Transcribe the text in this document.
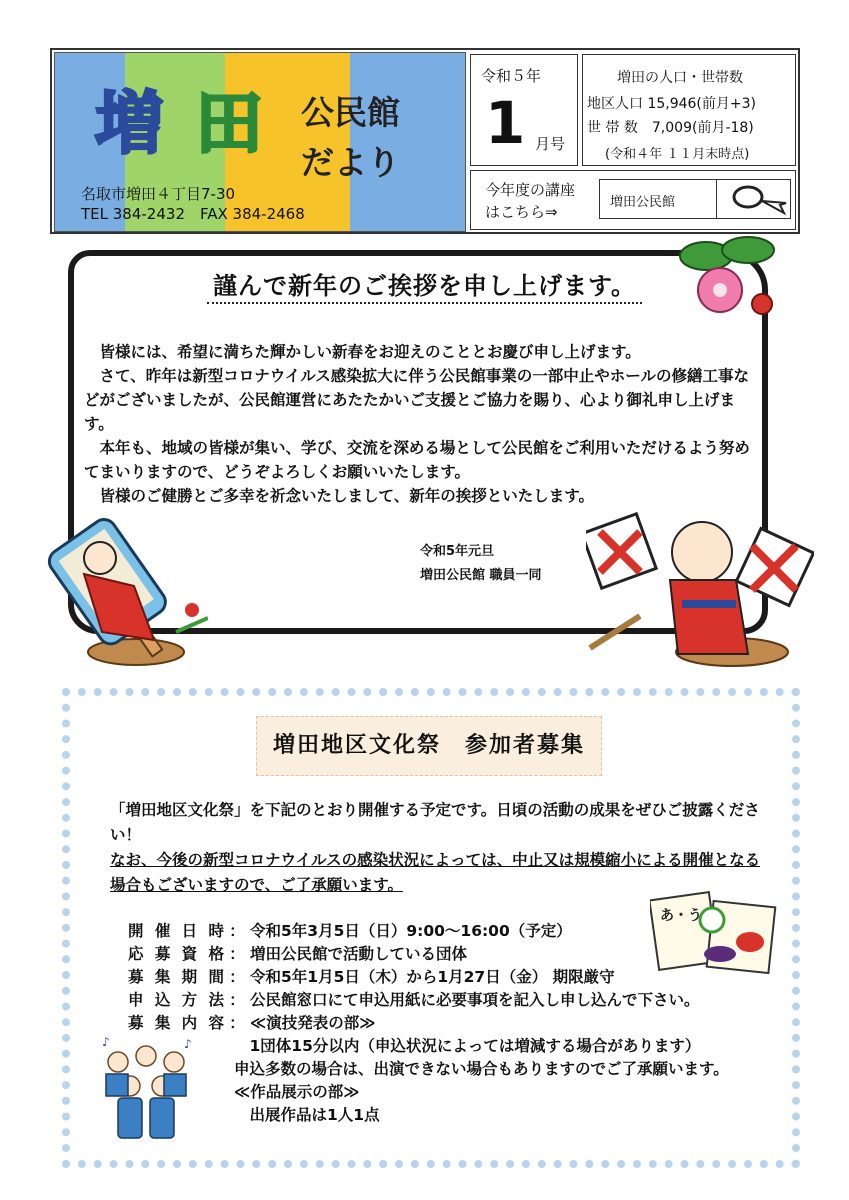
増 田 公民館
だより
名取市増田４丁目7-30
TEL 384-2432　FAX 384-2468
令和５年
1 月号
増田の人口・世帯数
地区人口 15,946(前月+3)
世 帯 数　7,009(前月-18)
(令和４年 １１月末時点)
今年度の講座
はこちら⇒
増田公民館
謹んで新年のご挨拶を申し上げます。

　皆様には、希望に満ちた輝かしい新春をお迎えのこととお慶び申し上げます。

　さて、昨年は新型コロナウイルス感染拡大に伴う公民館事業の一部中止やホールの修繕工事などがございましたが、公民館運営にあたたかいご支援とご協力を賜り、心より御礼申し上げます。

　本年も、地域の皆様が集い、学び、交流を深める場として公民館をご利用いただけるよう努めてまいりますので、どうぞよろしくお願いいたします。

　皆様のご健勝とご多幸を祈念いたしまして、新年の挨拶といたします。

令和5年元旦
増田公民館 職員一同
増田地区文化祭　参加者募集

「増田地区文化祭」を下記のとおり開催する予定です。日頃の活動の成果をぜひご披露ください！

なお、今後の新型コロナウイルスの感染状況によっては、中止又は規模縮小による開催となる場合もございますので、ご了承願います。

開催日時 ： 令和5年3月5日（日）9:00～16:00（予定）
応募資格 ： 増田公民館で活動している団体
募集期間 ： 令和5年1月5日（木）から1月27日（金） 期限厳守
申込方法 ： 公民館窓口にて申込用紙に必要事項を記入し申し込んで下さい。
募集内容 ： ≪演技発表の部≫
　1団体15分以内（申込状況によっては増減する場合があります）
申込多数の場合は、出演できない場合もありますのでご了承願います。
≪作品展示の部≫
　出展作品は1人1点
あ・う
♪	♪
